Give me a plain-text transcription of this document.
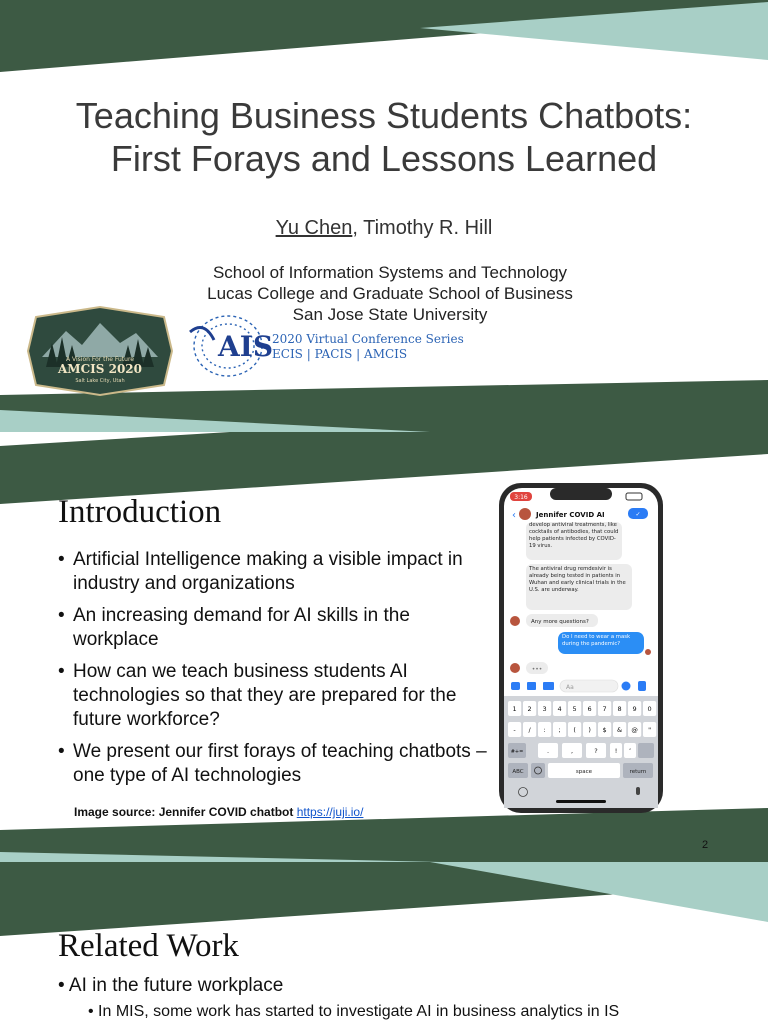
Teaching Business Students Chatbots:
First Forays and Lessons Learned
Yu Chen, Timothy R. Hill
School of Information Systems and Technology
Lucas College and Graduate School of Business
San Jose State University
A Vision For the Future
AMCIS 2020
Salt Lake City, Utah
AIS
2020 Virtual Conference Series
ECIS | PACIS | AMCIS
Introduction
• Artificial Intelligence making a visible impact in industry and organizations
• An increasing demand for AI skills in the workplace
• How can we teach business students AI technologies so that they are prepared for the future workforce?
• We present our first forays of teaching chatbots – one type of AI technologies
Image source: Jennifer COVID chatbot https://juji.io/
2
3:16
‹	Jennifer COVID AI	✓
develop antiviral treatments, like cocktails of antibodies, that could help patients infected by COVID-19 virus.
The antiviral drug remdesivir is already being tested in patients in Wuhan and early clinical trials in the U.S. are underway.
Any more questions?
Do I need to wear a mask during the pandemic?
•••
Aa
1 2 3 4 5 6 7 8 9 0
- / : ; ( ) $ & @ "
#+=	.	,	?	! ’
ABC	space	return
Related Work
• AI in the future workplace
• In MIS, some work has started to investigate AI in business analytics in IS
